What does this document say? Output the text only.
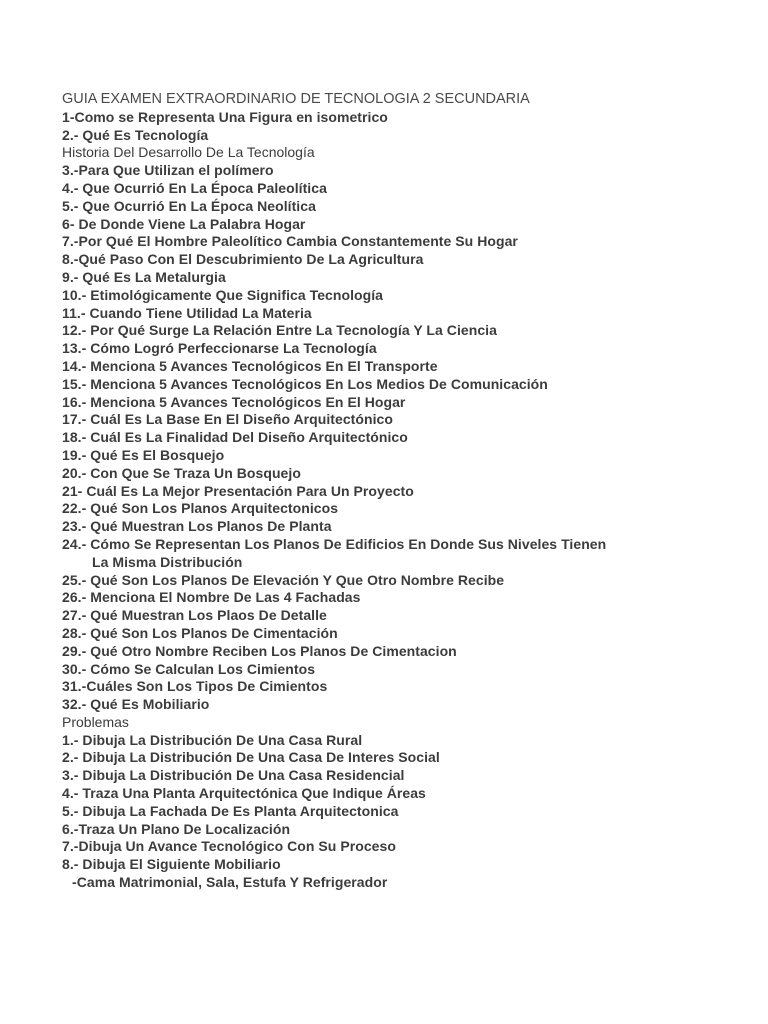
GUIA EXAMEN EXTRAORDINARIO DE TECNOLOGIA 2 SECUNDARIA
1-Como se Representa Una Figura en isometrico
2.- Qué Es Tecnología
Historia Del Desarrollo De La Tecnología
3.-Para Que Utilizan el polímero
4.- Que Ocurrió En La Época Paleolítica
5.- Que Ocurrió En La Época Neolítica
6- De Donde Viene La Palabra Hogar
7.-Por Qué El Hombre Paleolítico Cambia Constantemente Su Hogar
8.-Qué Paso Con El Descubrimiento De La Agricultura
9.- Qué Es La Metalurgia
10.- Etimológicamente Que Significa Tecnología
11.- Cuando Tiene Utilidad La Materia
12.- Por Qué Surge La Relación Entre La Tecnología Y La Ciencia
13.- Cómo Logró Perfeccionarse La Tecnología
14.- Menciona 5 Avances Tecnológicos En El Transporte
15.- Menciona 5 Avances Tecnológicos En Los Medios De Comunicación
16.- Menciona 5 Avances Tecnológicos En El Hogar
17.- Cuál Es La Base En El Diseño Arquitectónico
18.- Cuál Es La Finalidad Del Diseño Arquitectónico
19.- Qué Es El Bosquejo
20.- Con Que Se Traza Un Bosquejo
21- Cuál Es La Mejor Presentación Para Un Proyecto
22.- Qué Son Los Planos Arquitectonicos
23.- Qué Muestran Los Planos De Planta
24.- Cómo Se Representan Los Planos De Edificios En Donde Sus Niveles Tienen
La Misma Distribución
25.- Qué Son Los Planos De Elevación Y Que Otro Nombre Recibe
26.- Menciona El Nombre De Las 4 Fachadas
27.- Qué Muestran Los Plaos De Detalle
28.- Qué Son Los Planos De Cimentación
29.- Qué Otro Nombre Reciben Los Planos De Cimentacion
30.- Cómo Se Calculan Los Cimientos
31.-Cuáles Son Los Tipos De Cimientos
32.- Qué Es Mobiliario
Problemas
1.- Dibuja La Distribución De Una Casa Rural
2.- Dibuja La Distribución De Una Casa De Interes Social
3.- Dibuja La Distribución De Una Casa Residencial
4.- Traza Una Planta Arquitectónica Que Indique Áreas
5.- Dibuja La Fachada De Es Planta Arquitectonica
6.-Traza Un Plano De Localización
7.-Dibuja Un Avance Tecnológico Con Su Proceso
8.- Dibuja El Siguiente Mobiliario
-Cama Matrimonial, Sala, Estufa Y Refrigerador
